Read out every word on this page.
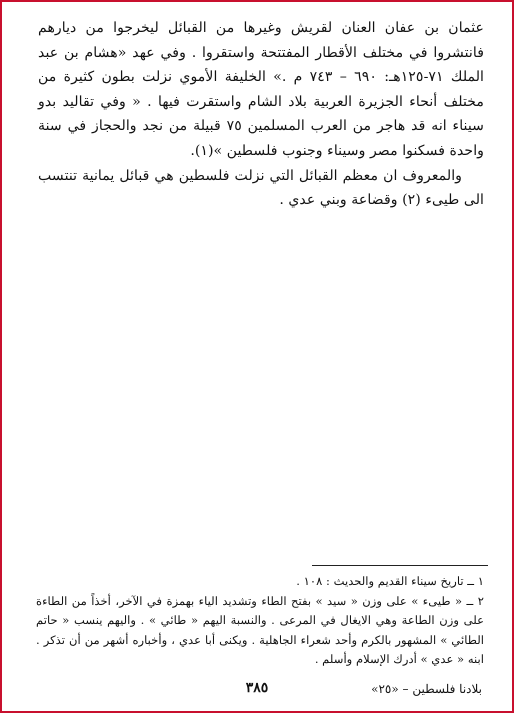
عثمان بن عفان العنان لقريش وغيرها من القبائل ليخرجوا من ديارهم فانتشروا في مختلف الأقطار المفتتحة واستقروا . وفي عهد «هشام بن عبد الملك ٧١-١٢٥هـ: ٦٩٠ – ٧٤٣ م .» الخليفة الأموي نزلت بطون كثيرة من مختلف أنحاء الجزيرة العربية بلاد الشام واستقرت فيها . « وفي تقاليد بدو سيناء انه قد هاجر من العرب المسلمين ٧٥ قبيلة من نجد والحجاز في سنة واحدة فسكنوا مصر وسيناء وجنوب فلسطين »(١).

والمعروف ان معظم القبائل التي نزلت فلسطين هي قبائل يمانية تنتسب الى طيىء (٢) وقضاعة وبني عدي .

١ ــ تاريخ سيناء القديم والحديث : ١٠٨ .

٢ ــ « طيىء » على وزن « سيد » بفتح الطاء وتشديد الياء بهمزة في الآخر، أخذاً من الطاءة على وزن الطاعة وهي الايغال في المرعى . والنسبة اليهم « طائي » . واليهم ينسب « حاتم الطائي » المشهور بالكرم وأحد شعراء الجاهلية . ويكنى أبا عدي ، وأخباره أشهر من أن تذكر . ابنه « عدي » أدرك الإسلام وأسلم .

بلادنا فلسطين – «٢٥»
٣٨٥
